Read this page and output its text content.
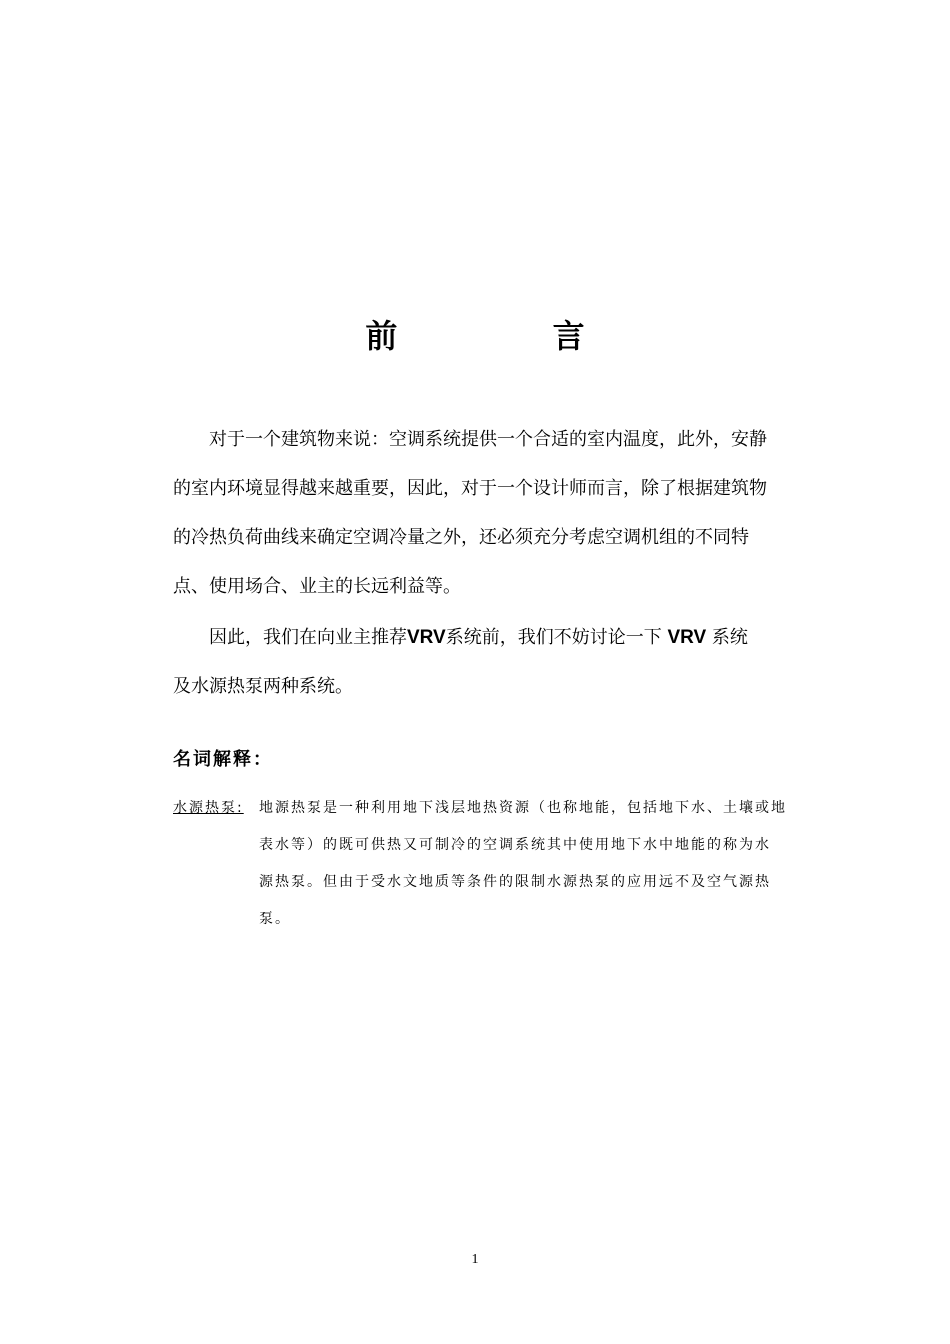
前 言
对于一个建筑物来说：空调系统提供一个合适的室内温度，此外，安静
的室内环境显得越来越重要，因此，对于一个设计师而言，除了根据建筑物
的冷热负荷曲线来确定空调冷量之外，还必须充分考虑空调机组的不同特
点、使用场合、业主的长远利益等。
因此，我们在向业主推荐VRV系统前，我们不妨讨论一下 VRV 系统
及水源热泵两种系统。
名词解释：
水源热泵: 地源热泵是一种利用地下浅层地热资源（也称地能，包括地下水、土壤或地
表水等）的既可供热又可制冷的空调系统其中使用地下水中地能的称为水
源热泵。但由于受水文地质等条件的限制水源热泵的应用远不及空气源热
泵。
1
